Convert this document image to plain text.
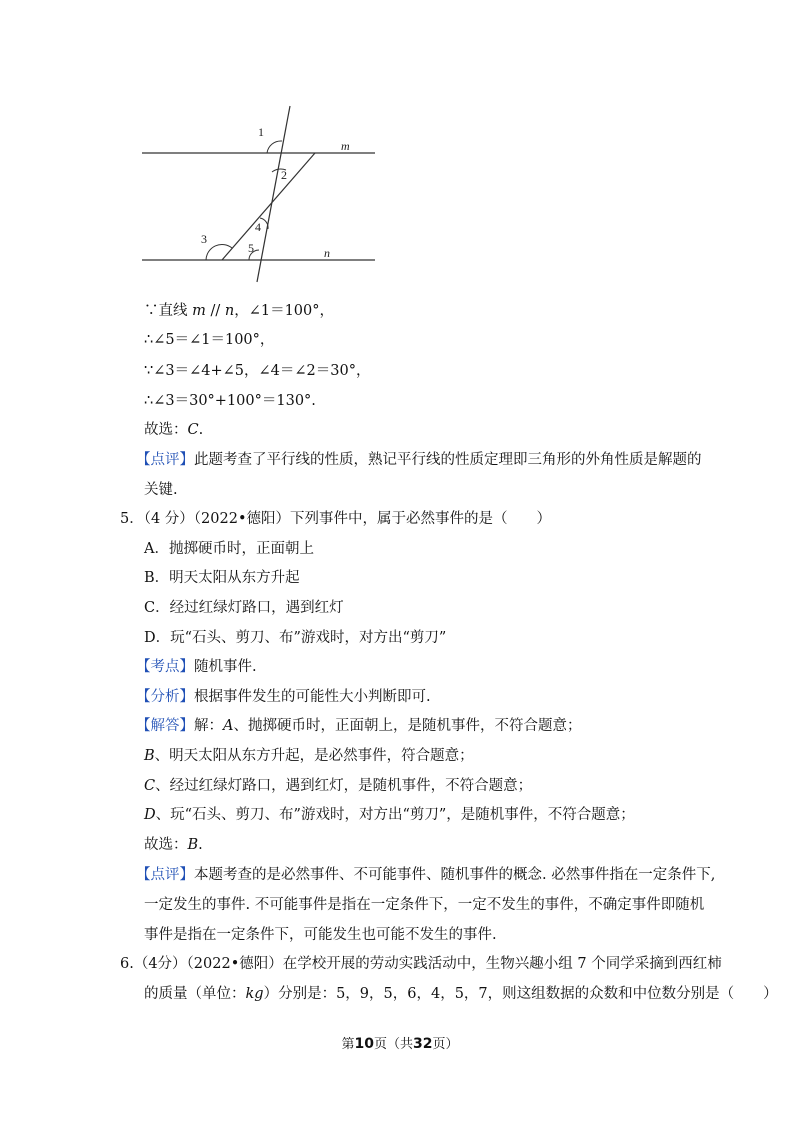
1
2
3
4
5
m
n
∵直线 m // n，∠1＝100°，
∴∠5＝∠1＝100°，
∵∠3＝∠4+∠5，∠4＝∠2＝30°，
∴∠3＝30°+100°＝130°.
故选：C.
【点评】此题考查了平行线的性质，熟记平行线的性质定理即三角形的外角性质是解题的
关键.
5．（4 分）（2022•德阳）下列事件中，属于必然事件的是（　　）
A．抛掷硬币时，正面朝上
B．明天太阳从东方升起
C．经过红绿灯路口，遇到红灯
D．玩“石头、剪刀、布”游戏时，对方出“剪刀”
【考点】随机事件.
【分析】根据事件发生的可能性大小判断即可.
【解答】解：A、抛掷硬币时，正面朝上，是随机事件，不符合题意；
B、明天太阳从东方升起，是必然事件，符合题意；
C、经过红绿灯路口，遇到红灯，是随机事件，不符合题意；
D、玩“石头、剪刀、布”游戏时，对方出“剪刀”，是随机事件，不符合题意；
故选：B.
【点评】本题考查的是必然事件、不可能事件、随机事件的概念. 必然事件指在一定条件下,
一定发生的事件. 不可能事件是指在一定条件下，一定不发生的事件，不确定事件即随机
事件是指在一定条件下，可能发生也可能不发生的事件.
6.（4分）（2022•德阳）在学校开展的劳动实践活动中，生物兴趣小组 7 个同学采摘到西红柿
的质量（单位：kg）分别是：5，9，5，6，4，5，7，则这组数据的众数和中位数分别是（　　）
第10页（共32页）
